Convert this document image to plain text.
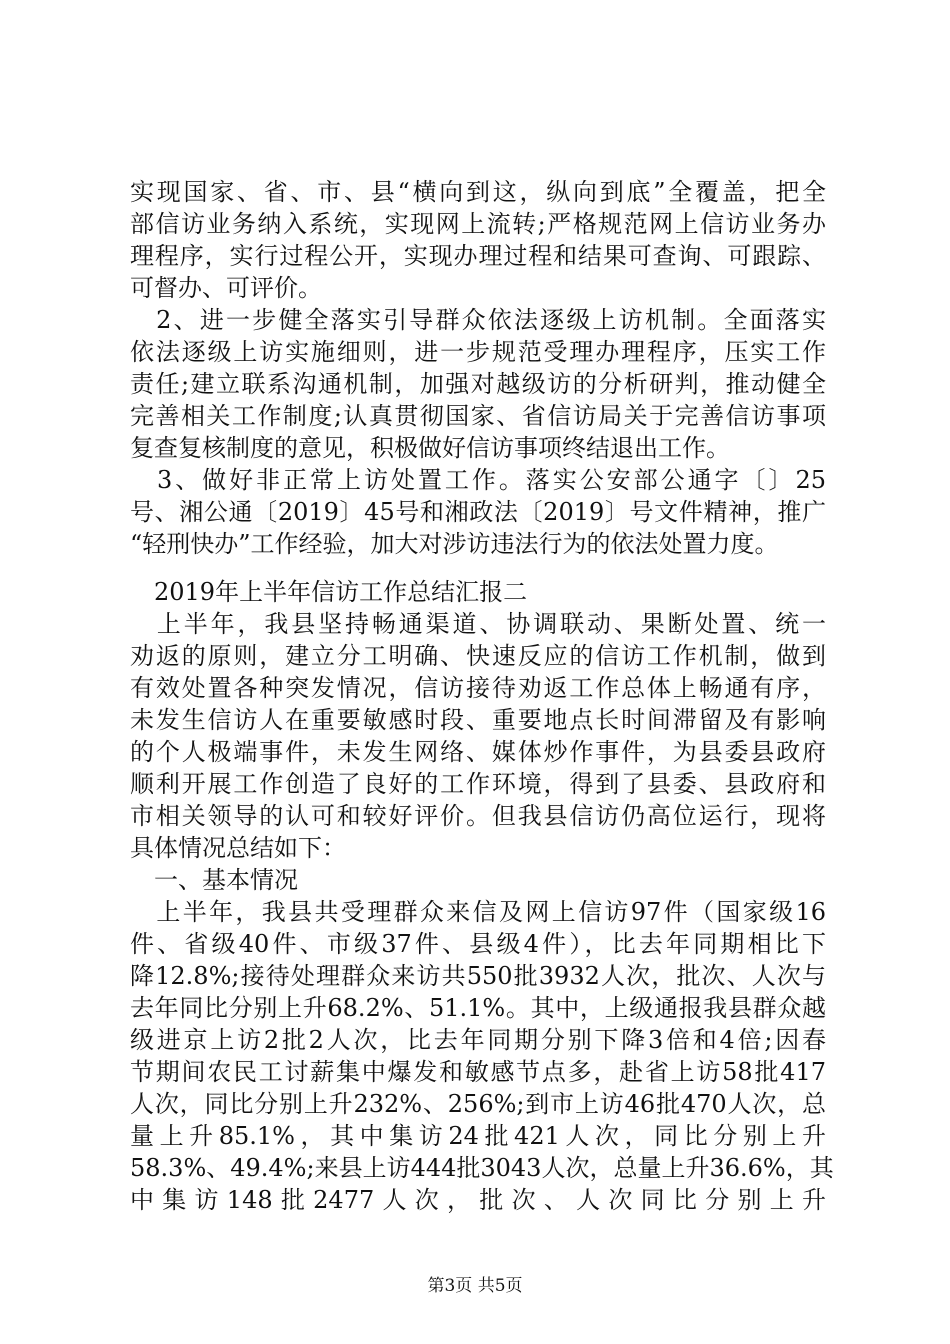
实现国家、省、市、县“横向到这，纵向到底”全覆盖，把全
部信访业务纳入系统，实现网上流转;严格规范网上信访业务办
理程序，实行过程公开，实现办理过程和结果可查询、可跟踪、
可督办、可评价。
　2、进一步健全落实引导群众依法逐级上访机制。全面落实
依法逐级上访实施细则，进一步规范受理办理程序，压实工作
责任;建立联系沟通机制，加强对越级访的分析研判，推动健全
完善相关工作制度;认真贯彻国家、省信访局关于完善信访事项
复查复核制度的意见，积极做好信访事项终结退出工作。
　3、做好非正常上访处置工作。落实公安部公通字〔〕25
号、湘公通〔2019〕45号和湘政法〔2019〕号文件精神，推广
“轻刑快办”工作经验，加大对涉访违法行为的依法处置力度。
　2019年上半年信访工作总结汇报二
　上半年，我县坚持畅通渠道、协调联动、果断处置、统一
劝返的原则，建立分工明确、快速反应的信访工作机制，做到
有效处置各种突发情况，信访接待劝返工作总体上畅通有序，
未发生信访人在重要敏感时段、重要地点长时间滞留及有影响
的个人极端事件，未发生网络、媒体炒作事件，为县委县政府
顺利开展工作创造了良好的工作环境，得到了县委、县政府和
市相关领导的认可和较好评价。但我县信访仍高位运行，现将
具体情况总结如下：
　一、基本情况
　上半年，我县共受理群众来信及网上信访97件（国家级16
件、省级40件、市级37件、县级4件），比去年同期相比下
降12.8%;接待处理群众来访共550批3932人次，批次、人次与
去年同比分别上升68.2%、51.1%。其中，上级通报我县群众越
级进京上访2批2人次，比去年同期分别下降3倍和4倍;因春
节期间农民工讨薪集中爆发和敏感节点多，赴省上访58批417
人次，同比分别上升232%、256%;到市上访46批470人次，总
量上升85.1%，其中集访24批421人次，同比分别上升
58.3%、49.4%;来县上访444批3043人次，总量上升36.6%，其
中集访148批2477人次，批次、人次同比分别上升
第3页 共5页
